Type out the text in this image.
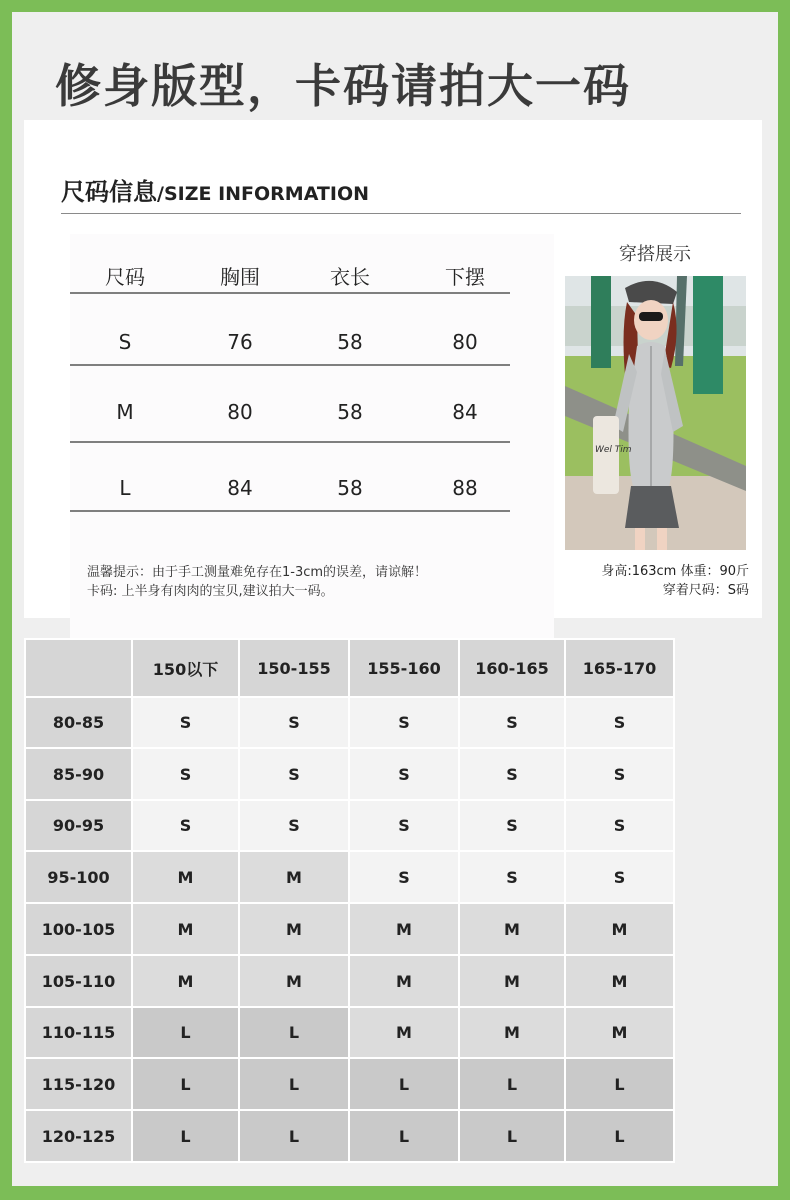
修身版型，卡码请拍大一码
尺码信息/SIZE INFORMATION
尺码	胸围	衣长	下摆
S	76	58	80
M	80	58	84
L	84	58	88
温馨提示：由于手工测量难免存在1-3cm的误差，请谅解！
卡码: 上半身有肉肉的宝贝,建议拍大一码。
穿搭展示
Wel Tim
身高:163cm 体重：90斤
穿着尺码：S码
	150以下	150-155	155-160	160-165	165-170
80-85	S	S	S	S	S
85-90	S	S	S	S	S
90-95	S	S	S	S	S
95-100	M	M	S	S	S
100-105	M	M	M	M	M
105-110	M	M	M	M	M
110-115	L	L	M	M	M
115-120	L	L	L	L	L
120-125	L	L	L	L	L
